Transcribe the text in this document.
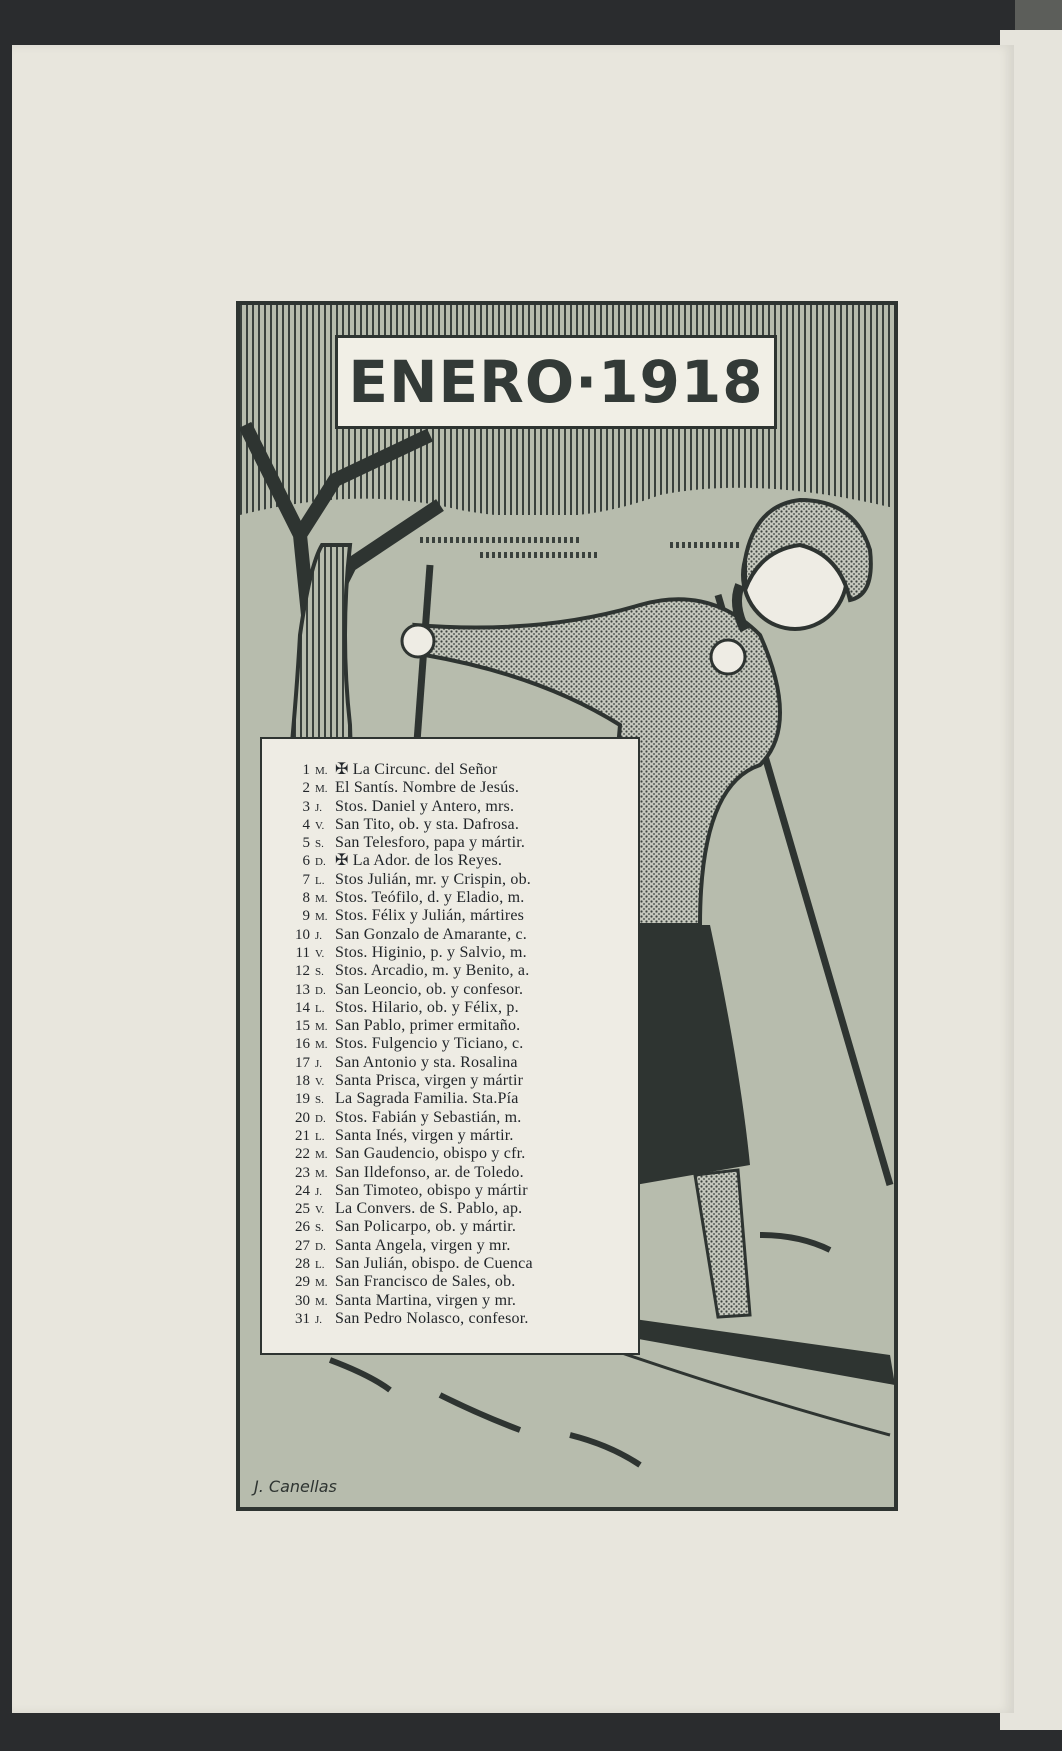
ENERO·1918
1 M. ✠ La Circunc. del Señor
2 M. El Santís. Nombre de Jesús.
3 J. Stos. Daniel y Antero, mrs.
4 V. San Tito, ob. y sta. Dafrosa.
5 S. San Telesforo, papa y mártir.
6 D. ✠ La Ador. de los Reyes.
7 L. Stos Julián, mr. y Crispin, ob.
8 M. Stos. Teófilo, d. y Eladio, m.
9 M. Stos. Félix y Julián, mártires
10 J. San Gonzalo de Amarante, c.
11 V. Stos. Higinio, p. y Salvio, m.
12 S. Stos. Arcadio, m. y Benito, a.
13 D. San Leoncio, ob. y confesor.
14 L. Stos. Hilario, ob. y Félix, p.
15 M. San Pablo, primer ermitaño.
16 M. Stos. Fulgencio y Ticiano, c.
17 J. San Antonio y sta. Rosalina
18 V. Santa Prisca, virgen y mártir
19 S. La Sagrada Familia. Sta.Pía
20 D. Stos. Fabián y Sebastián, m.
21 L. Santa Inés, virgen y mártir.
22 M. San Gaudencio, obispo y cfr.
23 M. San Ildefonso, ar. de Toledo.
24 J. San Timoteo, obispo y mártir
25 V. La Convers. de S. Pablo, ap.
26 S. San Policarpo, ob. y mártir.
27 D. Santa Angela, virgen y mr.
28 L. San Julián, obispo. de Cuenca
29 M. San Francisco de Sales, ob.
30 M. Santa Martina, virgen y mr.
31 J. San Pedro Nolasco, confesor.
J. Canellas
